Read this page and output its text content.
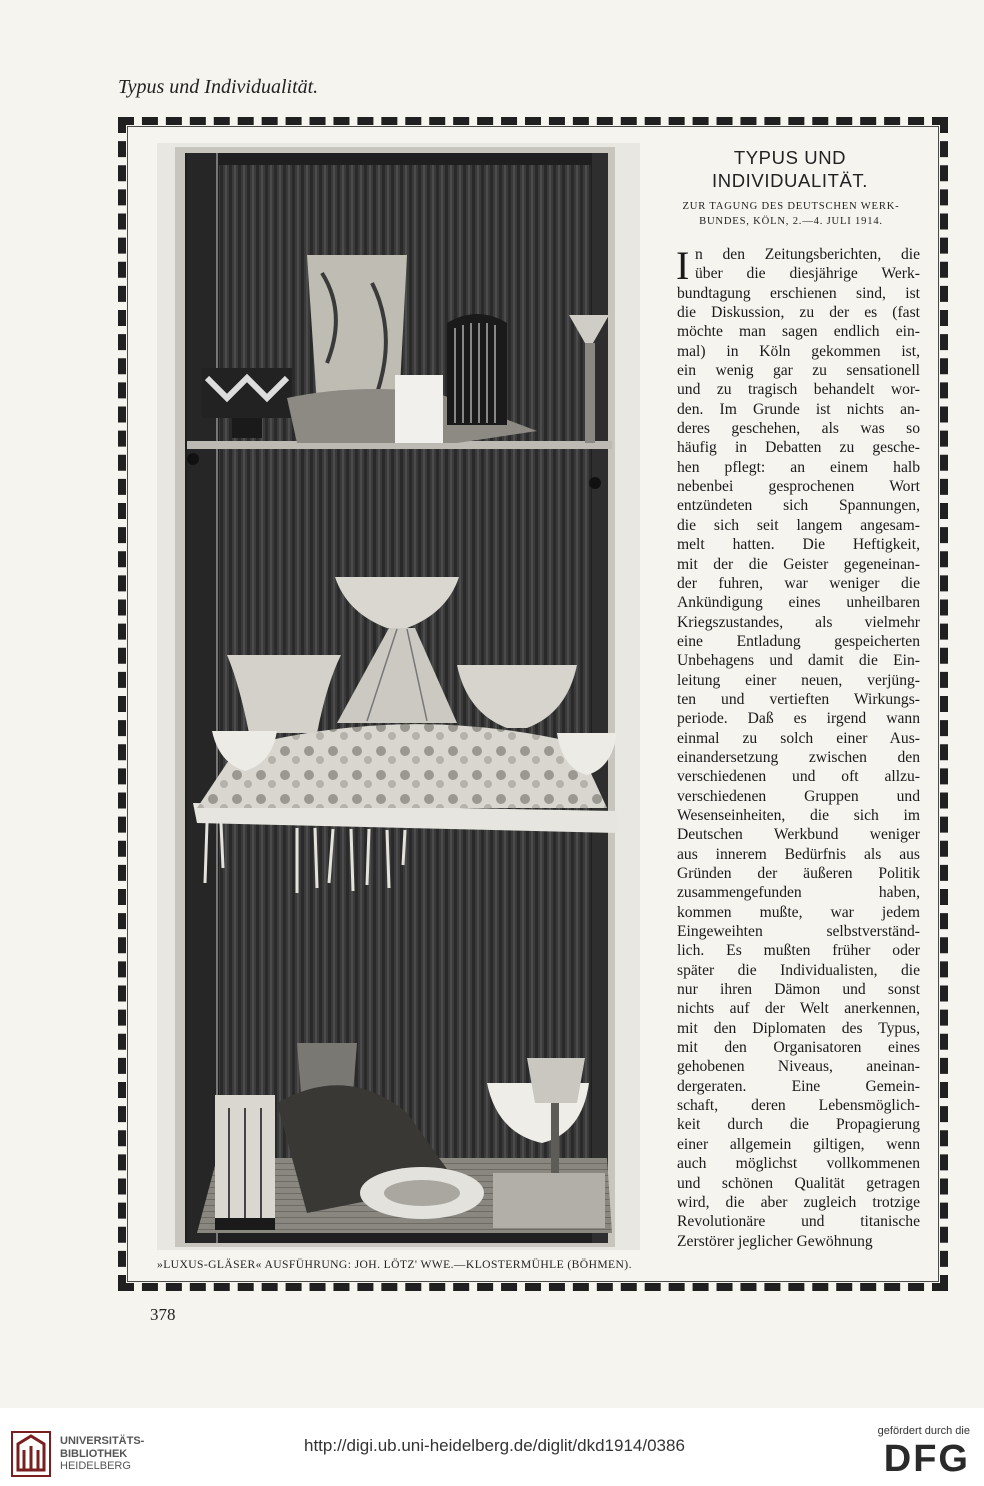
Typus und Individualität.
»LUXUS-GLÄSER« AUSFÜHRUNG: JOH. LÖTZ' WWE.—KLOSTERMÜHLE (BÖHMEN).
TYPUS UND
INDIVIDUALITÄT.
ZUR TAGUNG DES DEUTSCHEN WERK-
BUNDES, KÖLN, 2.—4. JULI 1914.
I n den Zeitungsberichten, die
über die diesjährige Werk-
bundtagung erschienen sind, ist
die Diskussion, zu der es (fast
möchte man sagen endlich ein-
mal) in Köln gekommen ist,
ein wenig gar zu sensationell
und zu tragisch behandelt wor-
den. Im Grunde ist nichts an-
deres geschehen, als was so
häufig in Debatten zu gesche-
hen pflegt: an einem halb
nebenbei gesprochenen Wort
entzündeten sich Spannungen,
die sich seit langem angesam-
melt hatten. Die Heftigkeit,
mit der die Geister gegeneinan-
der fuhren, war weniger die
Ankündigung eines unheilbaren
Kriegszustandes, als vielmehr
eine Entladung gespeicherten
Unbehagens und damit die Ein-
leitung einer neuen, verjüng-
ten und vertieften Wirkungs-
periode. Daß es irgend wann
einmal zu solch einer Aus-
einandersetzung zwischen den
verschiedenen und oft allzu-
verschiedenen Gruppen und
Wesenseinheiten, die sich im
Deutschen Werkbund weniger
aus innerem Bedürfnis als aus
Gründen der äußeren Politik
zusammengefunden haben,
kommen mußte, war jedem
Eingeweihten selbstverständ-
lich. Es mußten früher oder
später die Individualisten, die
nur ihren Dämon und sonst
nichts auf der Welt anerkennen,
mit den Diplomaten des Typus,
mit den Organisatoren eines
gehobenen Niveaus, aneinan-
dergeraten. Eine Gemein-
schaft, deren Lebensmöglich-
keit durch die Propagierung
einer allgemein giltigen, wenn
auch möglichst vollkommenen
und schönen Qualität getragen
wird, die aber zugleich trotzige
Revolutionäre und titanische
Zerstörer jeglicher Gewöhnung
378
UNIVERSITÄTS-
BIBLIOTHEK
HEIDELBERG
http://digi.ub.uni-heidelberg.de/diglit/dkd1914/0386
gefördert durch die
DFG
